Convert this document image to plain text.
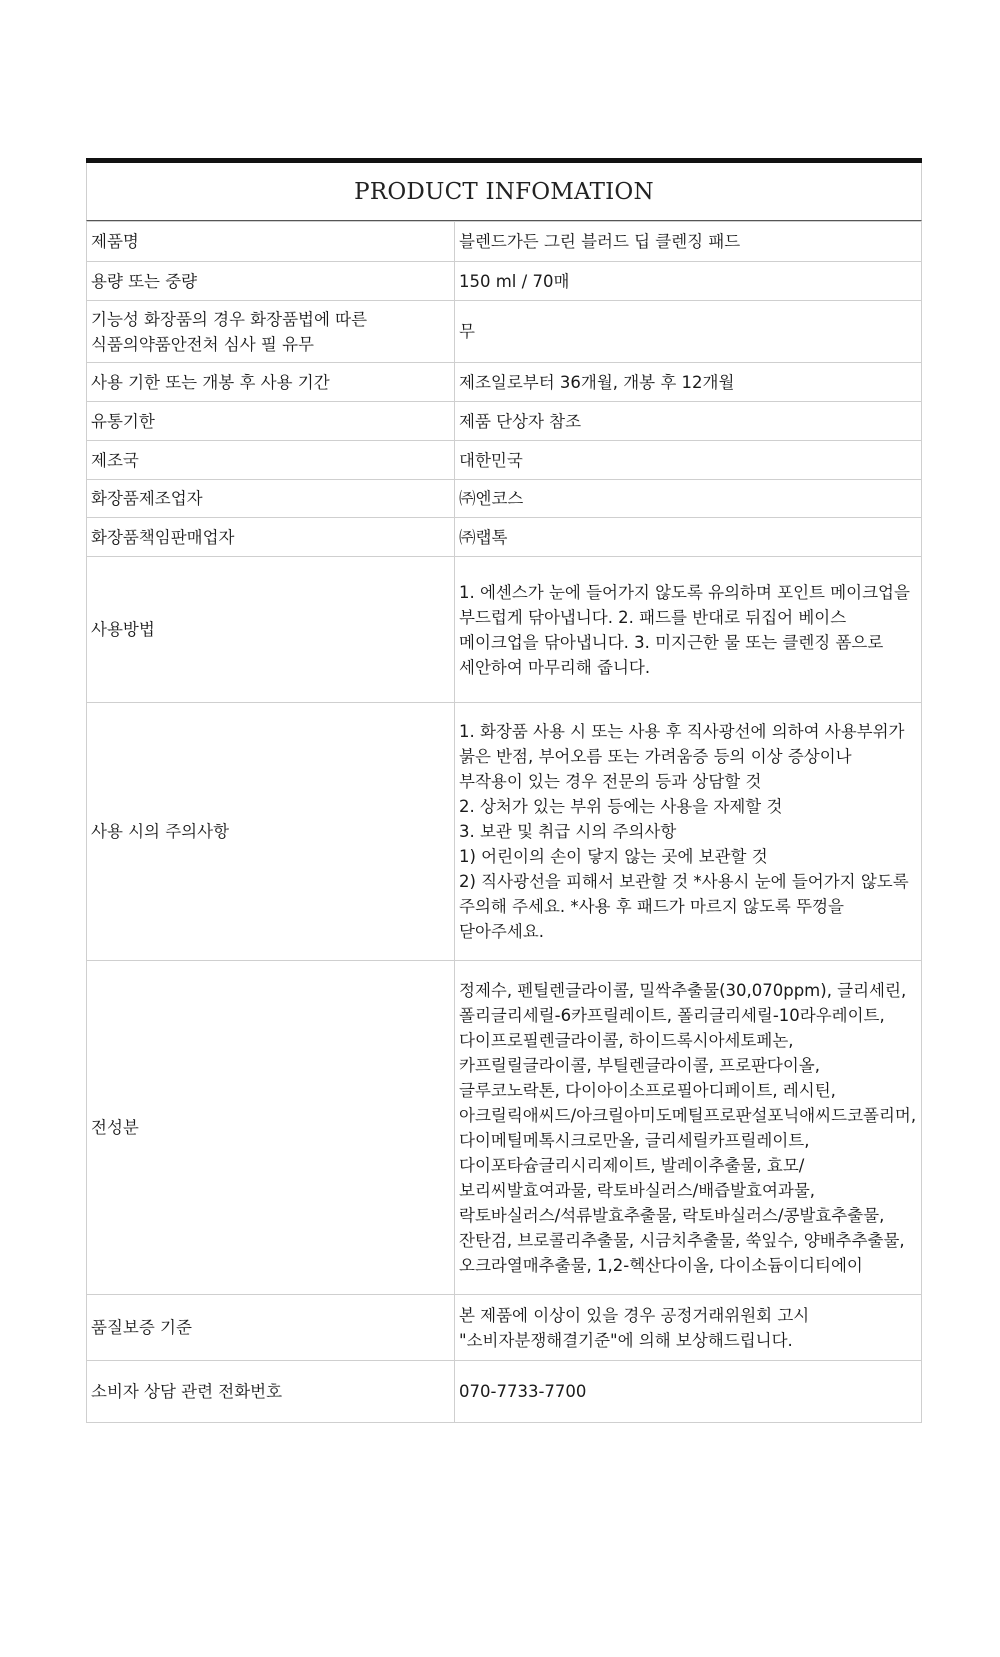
PRODUCT INFOMATION
제품명	블렌드가든 그린 블러드 딥 클렌징 패드
용량 또는 중량	150 ml / 70매
기능성 화장품의 경우 화장품법에 따른 식품의약품안전처 심사 필 유무	무
사용 기한 또는 개봉 후 사용 기간	제조일로부터 36개월, 개봉 후 12개월
유통기한	제품 단상자 참조
제조국	대한민국
화장품제조업자	㈜엔코스
화장품책임판매업자	㈜랩톡
사용방법	1. 에센스가 눈에 들어가지 않도록 유의하며 포인트 메이크업을 부드럽게 닦아냅니다. 2. 패드를 반대로 뒤집어 베이스 메이크업을 닦아냅니다. 3. 미지근한 물 또는 클렌징 폼으로 세안하여 마무리해 줍니다.
사용 시의 주의사항	1. 화장품 사용 시 또는 사용 후 직사광선에 의하여 사용부위가 붉은 반점, 부어오름 또는 가려움증 등의 이상 증상이나 부작용이 있는 경우 전문의 등과 상담할 것
2. 상처가 있는 부위 등에는 사용을 자제할 것
3. 보관 및 취급 시의 주의사항
1) 어린이의 손이 닿지 않는 곳에 보관할 것
2) 직사광선을 피해서 보관할 것 *사용시 눈에 들어가지 않도록 주의해 주세요. *사용 후 패드가 마르지 않도록 뚜껑을 닫아주세요.
전성분	정제수, 펜틸렌글라이콜, 밀싹추출물(30,070ppm), 글리세린, 폴리글리세릴-6카프릴레이트, 폴리글리세릴-10라우레이트, 다이프로필렌글라이콜, 하이드록시아세토페논, 카프릴릴글라이콜, 부틸렌글라이콜, 프로판다이올, 글루코노락톤, 다이아이소프로필아디페이트, 레시틴, 아크릴릭애씨드/아크릴아미도메틸프로판설포닉애씨드코폴리머, 다이메틸메톡시크로만올, 글리세릴카프릴레이트, 다이포타슘글리시리제이트, 발레이추출물, 효모/보리씨발효여과물, 락토바실러스/배즙발효여과물, 락토바실러스/석류발효추출물, 락토바실러스/콩발효추출물, 잔탄검, 브로콜리추출물, 시금치추출물, 쑥잎수, 양배추추출물, 오크라열매추출물, 1,2-헥산다이올, 다이소듐이디티에이
품질보증 기준	본 제품에 이상이 있을 경우 공정거래위원회 고시 "소비자분쟁해결기준"에 의해 보상해드립니다.
소비자 상담 관련 전화번호	070-7733-7700
